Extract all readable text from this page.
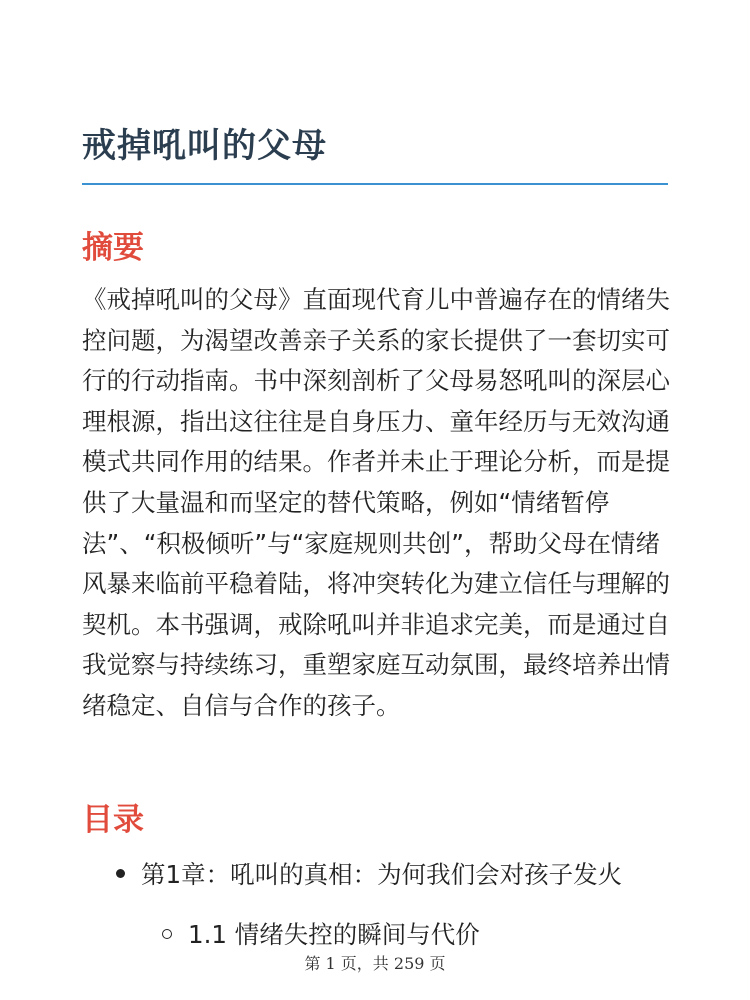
戒掉吼叫的父母
摘要

《戒掉吼叫的父母》直面现代育儿中普遍存在的情绪失控问题，为渴望改善亲子关系的家长提供了一套切实可行的行动指南。书中深刻剖析了父母易怒吼叫的深层心理根源，指出这往往是自身压力、童年经历与无效沟通模式共同作用的结果。作者并未止于理论分析，而是提供了大量温和而坚定的替代策略，例如“情绪暂停法”、“积极倾听”与“家庭规则共创”，帮助父母在情绪风暴来临前平稳着陆，将冲突转化为建立信任与理解的契机。本书强调，戒除吼叫并非追求完美，而是通过自我觉察与持续练习，重塑家庭互动氛围，最终培养出情绪稳定、自信与合作的孩子。

目录
第1章：吼叫的真相：为何我们会对孩子发火
1.1 情绪失控的瞬间与代价
第 1 页，共 259 页
